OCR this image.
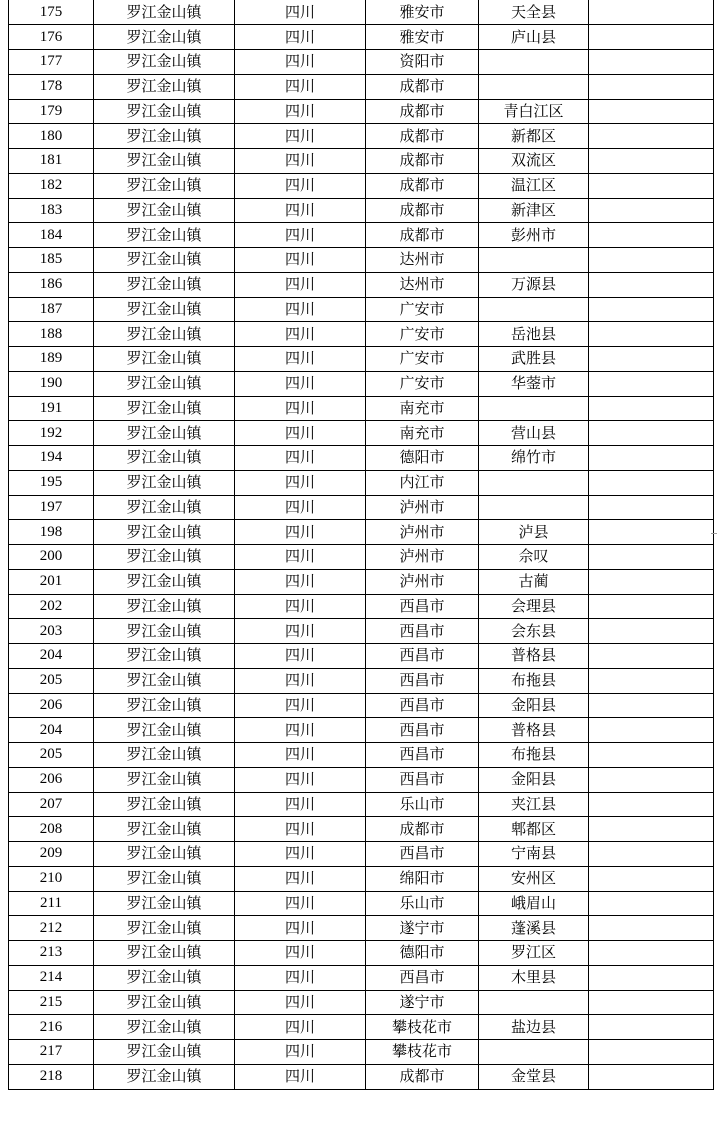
175	罗江金山镇	四川	雅安市	天全县	
176	罗江金山镇	四川	雅安市	庐山县	
177	罗江金山镇	四川	资阳市		
178	罗江金山镇	四川	成都市		
179	罗江金山镇	四川	成都市	青白江区	
180	罗江金山镇	四川	成都市	新都区	
181	罗江金山镇	四川	成都市	双流区	
182	罗江金山镇	四川	成都市	温江区	
183	罗江金山镇	四川	成都市	新津区	
184	罗江金山镇	四川	成都市	彭州市	
185	罗江金山镇	四川	达州市		
186	罗江金山镇	四川	达州市	万源县	
187	罗江金山镇	四川	广安市		
188	罗江金山镇	四川	广安市	岳池县	
189	罗江金山镇	四川	广安市	武胜县	
190	罗江金山镇	四川	广安市	华蓥市	
191	罗江金山镇	四川	南充市		
192	罗江金山镇	四川	南充市	营山县	
194	罗江金山镇	四川	德阳市	绵竹市	
195	罗江金山镇	四川	内江市		
197	罗江金山镇	四川	泸州市		
198	罗江金山镇	四川	泸州市	泸县	
200	罗江金山镇	四川	泸州市	佘叹	
201	罗江金山镇	四川	泸州市	古蔺	
202	罗江金山镇	四川	西昌市	会理县	
203	罗江金山镇	四川	西昌市	会东县	
204	罗江金山镇	四川	西昌市	普格县	
205	罗江金山镇	四川	西昌市	布拖县	
206	罗江金山镇	四川	西昌市	金阳县	
204	罗江金山镇	四川	西昌市	普格县	
205	罗江金山镇	四川	西昌市	布拖县	
206	罗江金山镇	四川	西昌市	金阳县	
207	罗江金山镇	四川	乐山市	夹江县	
208	罗江金山镇	四川	成都市	郫都区	
209	罗江金山镇	四川	西昌市	宁南县	
210	罗江金山镇	四川	绵阳市	安州区	
211	罗江金山镇	四川	乐山市	峨眉山	
212	罗江金山镇	四川	遂宁市	蓬溪县	
213	罗江金山镇	四川	德阳市	罗江区	
214	罗江金山镇	四川	西昌市	木里县	
215	罗江金山镇	四川	遂宁市		
216	罗江金山镇	四川	攀枝花市	盐边县	
217	罗江金山镇	四川	攀枝花市		
218	罗江金山镇	四川	成都市	金堂县	
